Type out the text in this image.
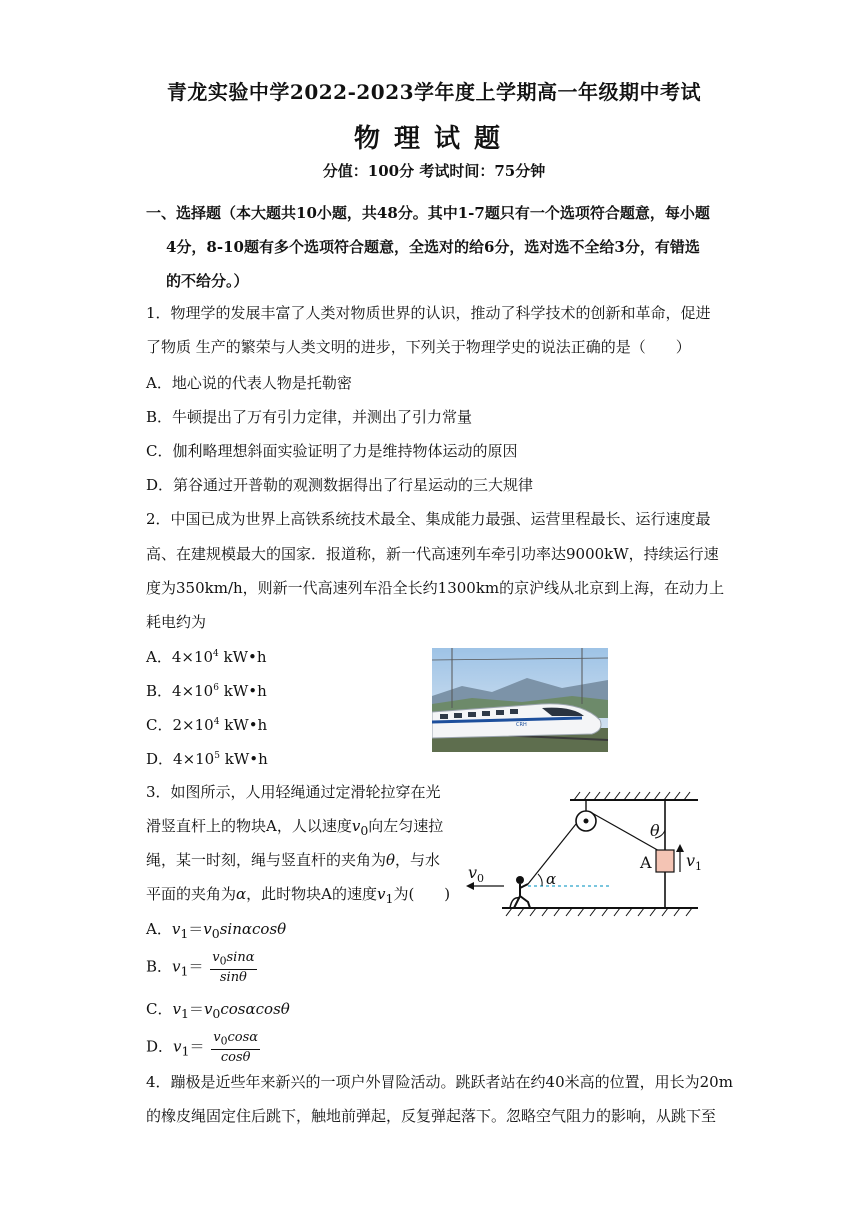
青龙实验中学2022-2023学年度上学期高一年级期中考试
物理试题
分值：100分 考试时间：75分钟
一、选择题（本大题共10小题，共48分。其中1-7题只有一个选项符合题意，每小题
4分，8-10题有多个选项符合题意，全选对的给6分，选对选不全给3分，有错选
的不给分。）
1．物理学的发展丰富了人类对物质世界的认识，推动了科学技术的创新和革命，促进
了物质 生产的繁荣与人类文明的进步，下列关于物理学史的说法正确的是（　　）
A．地心说的代表人物是托勒密
B．牛顿提出了万有引力定律，并测出了引力常量
C．伽利略理想斜面实验证明了力是维持物体运动的原因
D．第谷通过开普勒的观测数据得出了行星运动的三大规律
2．中国已成为世界上高铁系统技术最全、集成能力最强、运营里程最长、运行速度最
高、在建规模最大的国家．报道称，新一代高速列车牵引功率达9000kW，持续运行速
度为350km/h，则新一代高速列车沿全长约1300km的京沪线从北京到上海，在动力上
耗电约为
A．$4\times 10^4$ kW•h
B．$4\times 10^6$ kW•h
C．$2\times 10^4$ kW•h
D．$4\times 10^5$ kW•h
CRH
3．如图所示，人用轻绳通过定滑轮拉穿在光
滑竖直杆上的物块A，人以速度$v_0$向左匀速拉
绳，某一时刻，绳与竖直杆的夹角为θ，与水
平面的夹角为α，此时物块A的速度$v_1$为(　　)
A．$v_1=v_0\sin\alpha\cos\theta$
B．$v_1= \frac{v_0\sin\alpha}{\sin\theta}$
C．$v_1=v_0\cos\alpha\cos\theta$
D．$v_1= \frac{v_0\cos\alpha}{\cos\theta}$
θ
A $v_1$
α
$v_0$
4．蹦极是近些年来新兴的一项户外冒险活动。跳跃者站在约40米高的位置，用长为20m
的橡皮绳固定住后跳下，触地前弹起，反复弹起落下。忽略空气阻力的影响，从跳下至
